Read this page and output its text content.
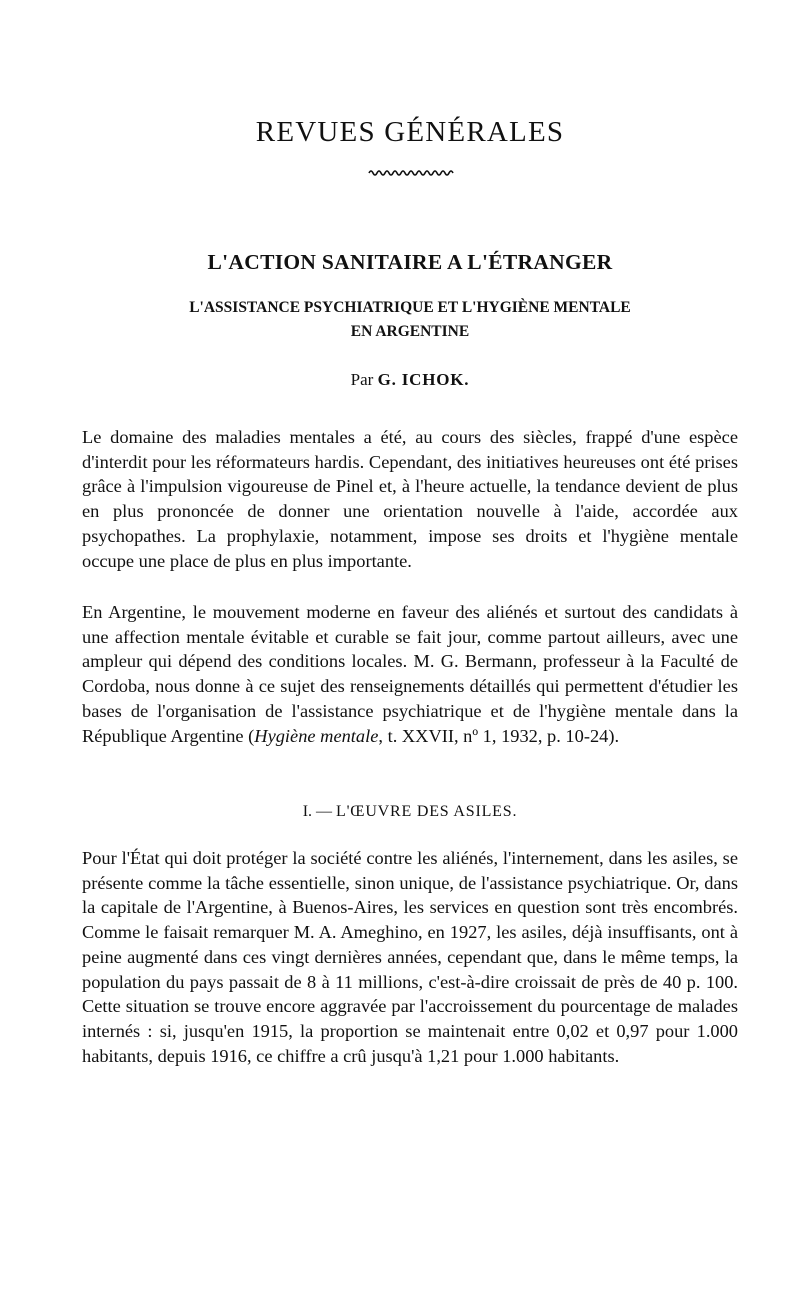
REVUES GÉNÉRALES
L'ACTION SANITAIRE A L'ÉTRANGER
L'ASSISTANCE PSYCHIATRIQUE ET L'HYGIÈNE MENTALE
EN ARGENTINE
Par G. ICHOK.

Le domaine des maladies mentales a été, au cours des siècles, frappé d'une espèce d'interdit pour les réformateurs hardis. Cependant, des initiatives heureuses ont été prises grâce à l'impulsion vigoureuse de Pinel et, à l'heure actuelle, la tendance devient de plus en plus prononcée de donner une orientation nouvelle à l'aide, accordée aux psychopathes. La prophylaxie, notamment, impose ses droits et l'hygiène mentale occupe une place de plus en plus importante.

En Argentine, le mouvement moderne en faveur des aliénés et surtout des candidats à une affection mentale évitable et curable se fait jour, comme partout ailleurs, avec une ampleur qui dépend des conditions locales. M. G. Bermann, professeur à la Faculté de Cordoba, nous donne à ce sujet des renseignements détaillés qui permettent d'étudier les bases de l'organisation de l'assistance psychiatrique et de l'hygiène mentale dans la République Argentine (Hygiène mentale, t. XXVII, nº 1, 1932, p. 10-24).

I. — L'ŒUVRE DES ASILES.

Pour l'État qui doit protéger la société contre les aliénés, l'internement, dans les asiles, se présente comme la tâche essentielle, sinon unique, de l'assistance psychiatrique. Or, dans la capitale de l'Argentine, à Buenos-Aires, les services en question sont très encombrés. Comme le faisait remarquer M. A. Ameghino, en 1927, les asiles, déjà insuffisants, ont à peine augmenté dans ces vingt dernières années, cependant que, dans le même temps, la population du pays passait de 8 à 11 millions, c'est-à-dire croissait de près de 40 p. 100. Cette situation se trouve encore aggravée par l'accroissement du pourcentage de malades internés : si, jusqu'en 1915, la proportion se maintenait entre 0,02 et 0,97 pour 1.000 habitants, depuis 1916, ce chiffre a crû jusqu'à 1,21 pour 1.000 habitants.
